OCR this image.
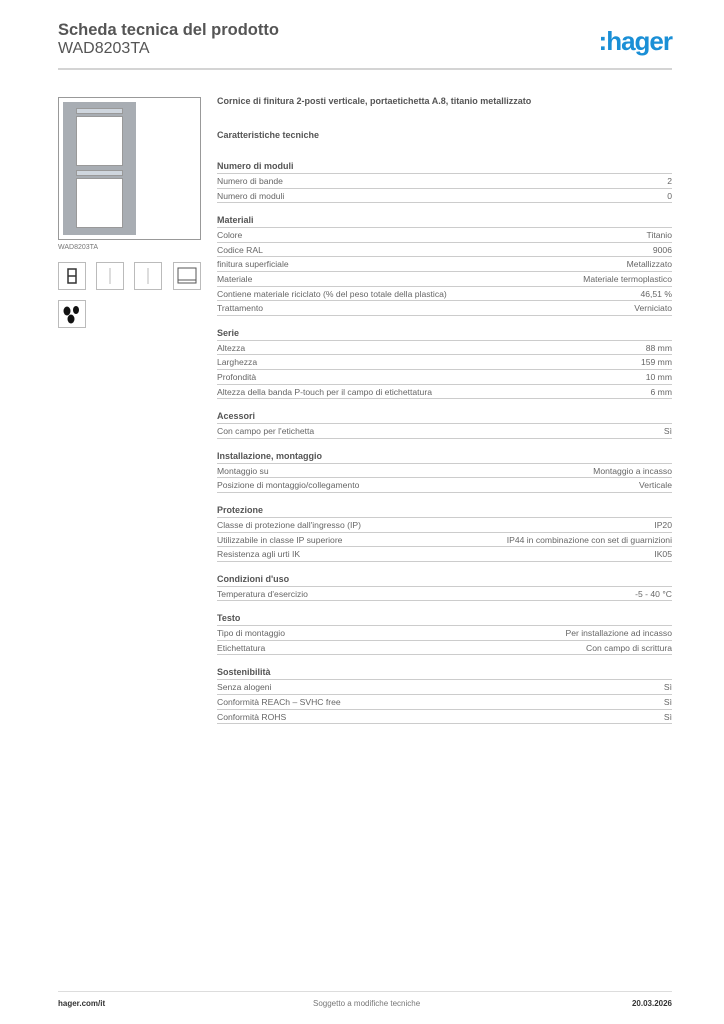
Scheda tecnica del prodotto
WAD8203TA	:hager
WAD8203TA
Cornice di finitura 2-posti verticale, portaetichetta A.8, titanio metallizzato
Caratteristiche tecniche
Numero di moduli
Numero di bande	2
Numero di moduli	0
Materiali
Colore	Titanio
Codice RAL	9006
finitura superficiale	Metallizzato
Materiale	Materiale termoplastico
Contiene materiale riciclato (% del peso totale della plastica)	46,51 %
Trattamento	Verniciato
Serie
Altezza	88 mm
Larghezza	159 mm
Profondità	10 mm
Altezza della banda P-touch per il campo di etichettatura	6 mm
Acessori
Con campo per l'etichetta	Sì
Installazione, montaggio
Montaggio su	Montaggio a incasso
Posizione di montaggio/collegamento	Verticale
Protezione
Classe di protezione dall'ingresso (IP)	IP20
Utilizzabile in classe IP superiore	IP44 in combinazione con set di guarnizioni
Resistenza agli urti IK	IK05
Condizioni d'uso
Temperatura d'esercizio	-5 - 40 °C
Testo
Tipo di montaggio	Per installazione ad incasso
Etichettatura	Con campo di scrittura
Sostenibilità
Senza alogeni	Sì
Conformità REACh – SVHC free	Sì
Conformità ROHS	Sì
hager.com/it	Soggetto a modifiche tecniche	20.03.2026
